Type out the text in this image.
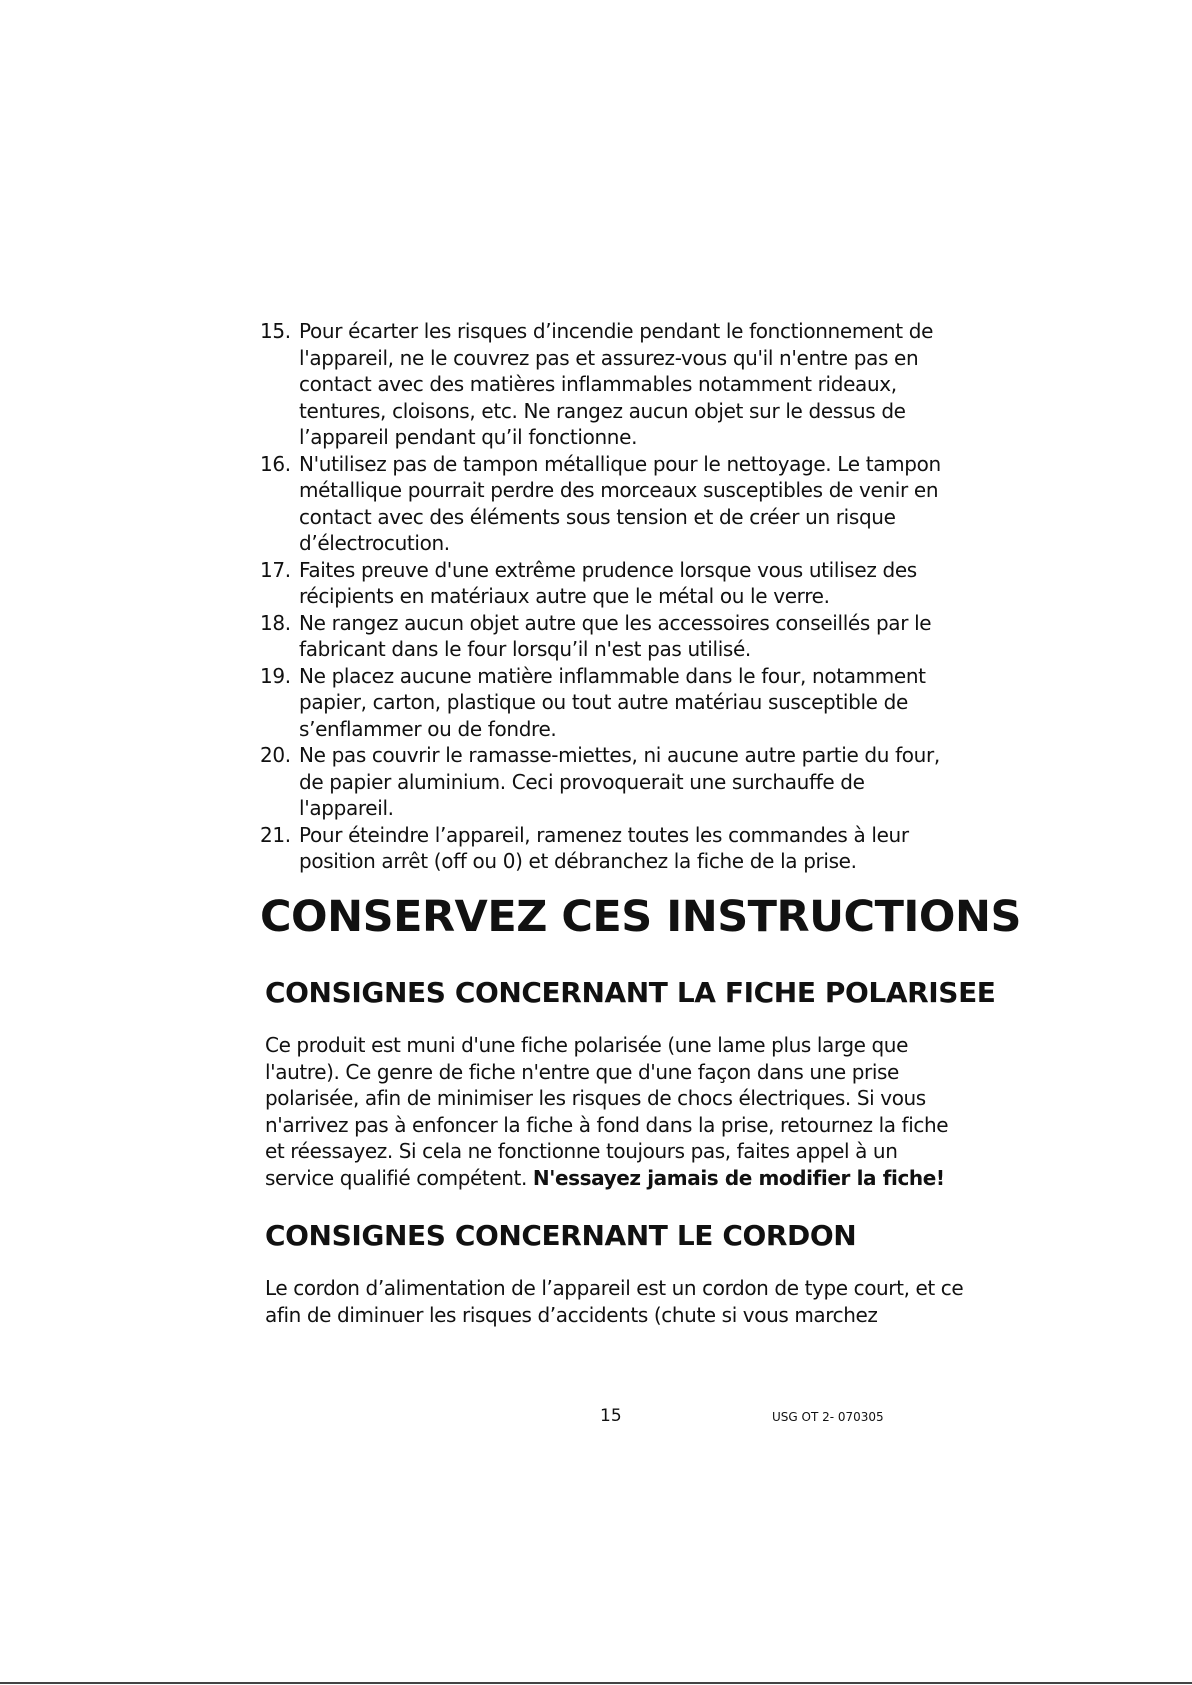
15. Pour écarter les risques d’incendie pendant le fonctionnement de l'appareil, ne le couvrez pas et assurez-vous qu'il n'entre pas en contact avec des matières inflammables notamment rideaux, tentures, cloisons, etc. Ne rangez aucun objet sur le dessus de l’appareil pendant qu’il fonctionne.
16. N'utilisez pas de tampon métallique pour le nettoyage. Le tampon métallique pourrait perdre des morceaux susceptibles de venir en contact avec des éléments sous tension et de créer un risque d’électrocution.
17. Faites preuve d'une extrême prudence lorsque vous utilisez des récipients en matériaux autre que le métal ou le verre.
18. Ne rangez aucun objet autre que les accessoires conseillés par le fabricant dans le four lorsqu’il n'est pas utilisé.
19. Ne placez aucune matière inflammable dans le four, notamment papier, carton, plastique ou tout autre matériau susceptible de s’enflammer ou de fondre.
20. Ne pas couvrir le ramasse-miettes, ni aucune autre partie du four, de papier aluminium. Ceci provoquerait une surchauffe de l'appareil.
21. Pour éteindre l’appareil, ramenez toutes les commandes à leur position arrêt (off ou 0) et débranchez la fiche de la prise.
CONSERVEZ CES INSTRUCTIONS
CONSIGNES CONCERNANT LA FICHE POLARISEE

Ce produit est muni d'une fiche polarisée (une lame plus large que l'autre). Ce genre de fiche n'entre que d'une façon dans une prise polarisée, afin de minimiser les risques de chocs électriques. Si vous n'arrivez pas à enfoncer la fiche à fond dans la prise, retournez la fiche et réessayez. Si cela ne fonctionne toujours pas, faites appel à un service qualifié compétent. N'essayez jamais de modifier la fiche!

CONSIGNES CONCERNANT LE CORDON

Le cordon d’alimentation de l’appareil est un cordon de type court, et ce afin de diminuer les risques d’accidents (chute si vous marchez

15	USG OT 2- 070305
